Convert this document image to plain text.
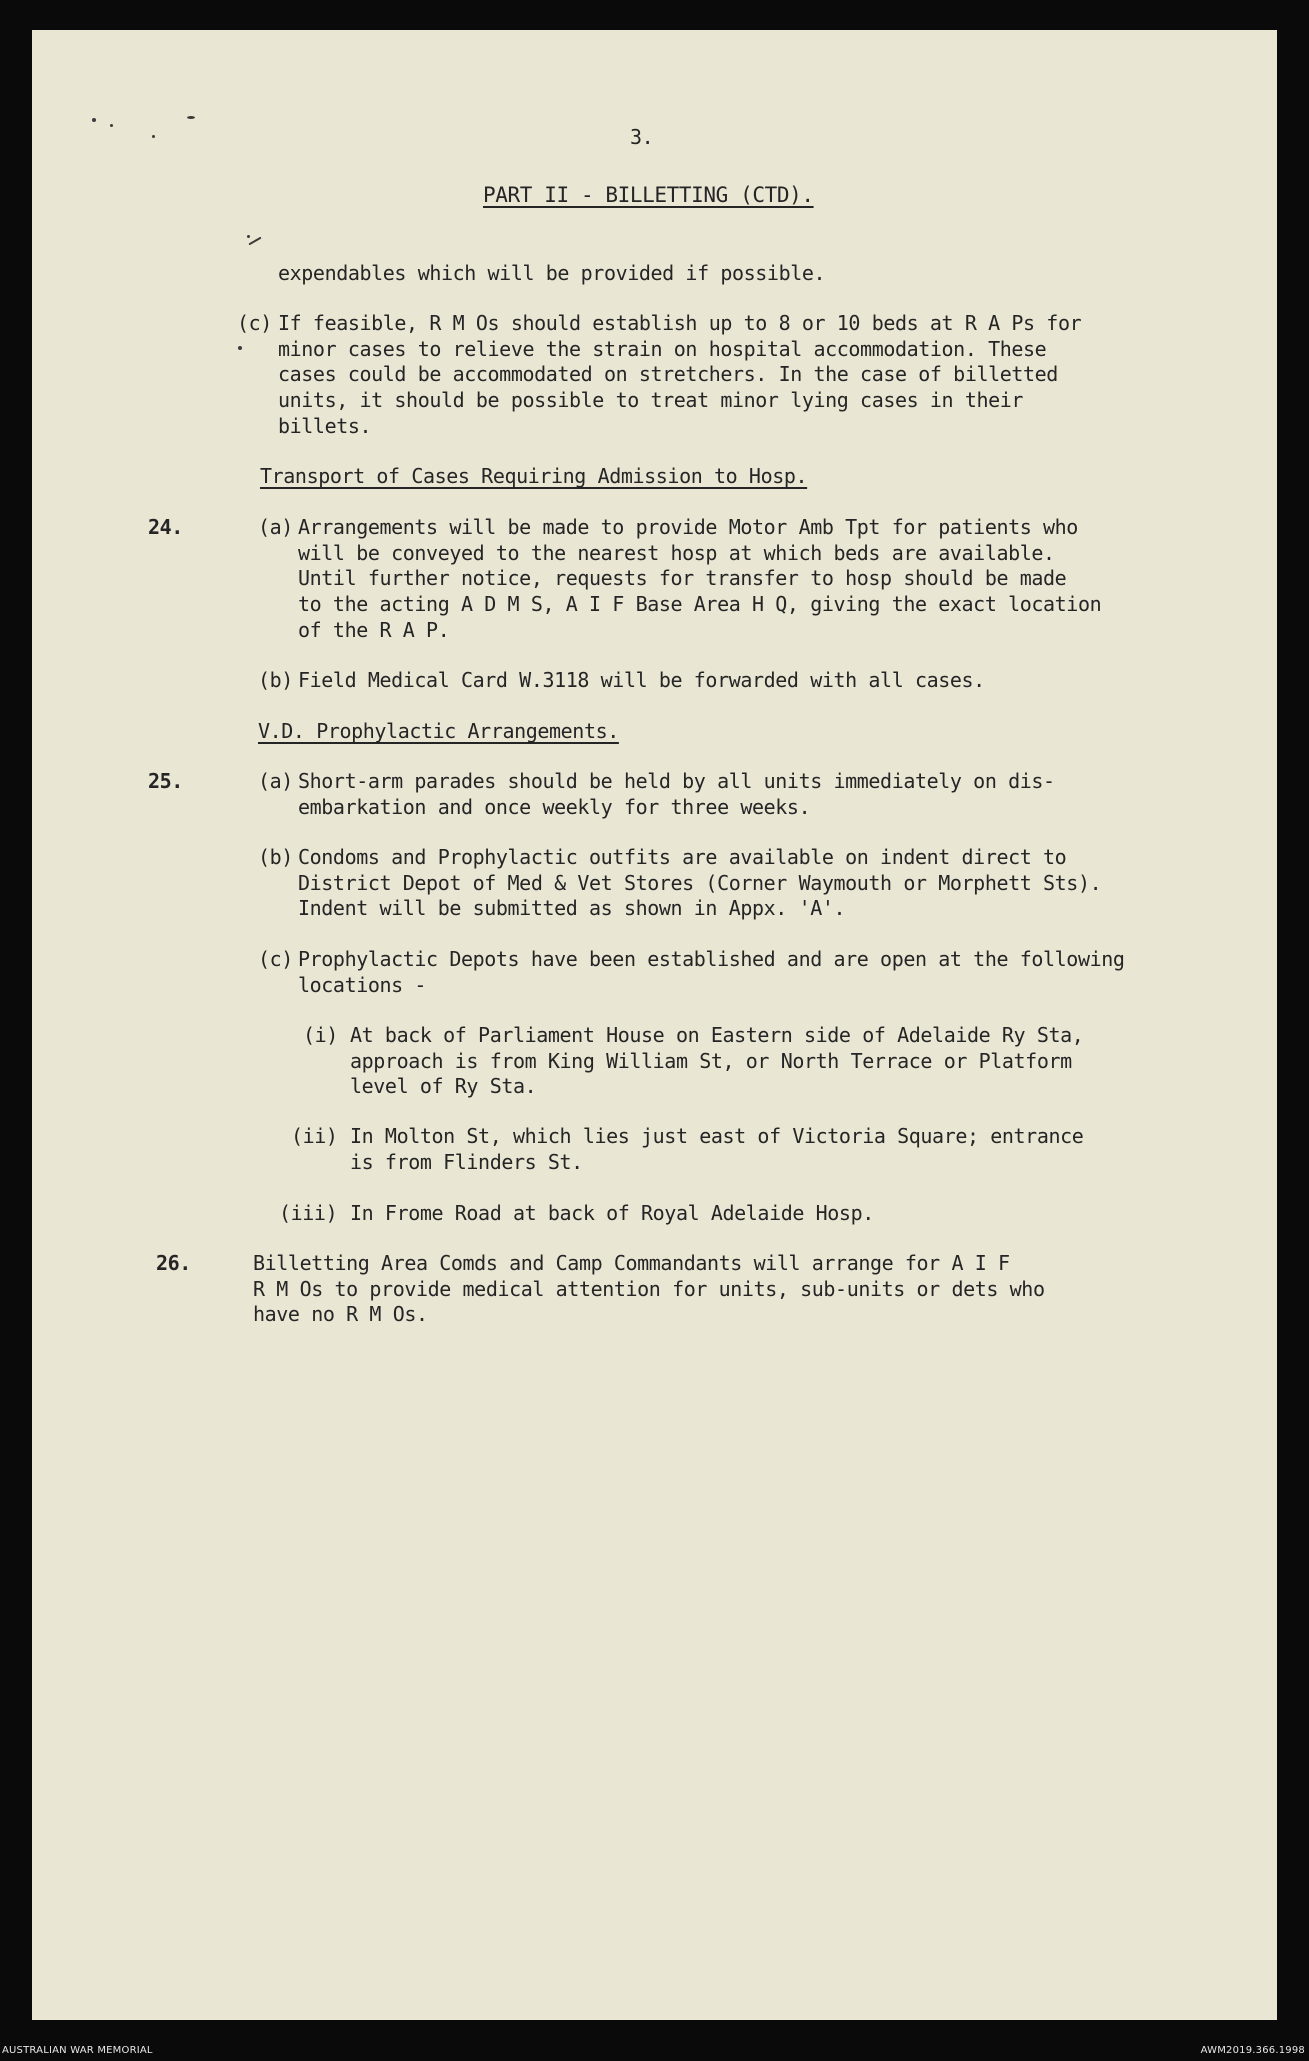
3.

PART II - BILLETTING (CTD).

expendables which will be provided if possible.

(c) If feasible, R M Os should establish up to 8 or 10 beds at R A Ps for

minor cases to relieve the strain on hospital accommodation. These

cases could be accommodated on stretchers. In the case of billetted

units, it should be possible to treat minor lying cases in their

billets.

Transport of Cases Requiring Admission to Hosp.

24.	(a) Arrangements will be made to provide Motor Amb Tpt for patients who

will be conveyed to the nearest hosp at which beds are available.

Until further notice, requests for transfer to hosp should be made

to the acting A D M S, A I F Base Area H Q, giving the exact location

of the R A P.

(b) Field Medical Card W.3118 will be forwarded with all cases.

V.D. Prophylactic Arrangements.

25.	(a) Short-arm parades should be held by all units immediately on dis-

embarkation and once weekly for three weeks.

(b) Condoms and Prophylactic outfits are available on indent direct to

District Depot of Med & Vet Stores (Corner Waymouth or Morphett Sts).

Indent will be submitted as shown in Appx. 'A'.

(c) Prophylactic Depots have been established and are open at the following

locations -

(i) At back of Parliament House on Eastern side of Adelaide Ry Sta,

approach is from King William St, or North Terrace or Platform

level of Ry Sta.

(ii) In Molton St, which lies just east of Victoria Square; entrance

is from Flinders St.

(iii) In Frome Road at back of Royal Adelaide Hosp.

26.	Billetting Area Comds and Camp Commandants will arrange for A I F

R M Os to provide medical attention for units, sub-units or dets who

have no R M Os.

AUSTRALIAN WAR MEMORIAL	AWM2019.366.1998
